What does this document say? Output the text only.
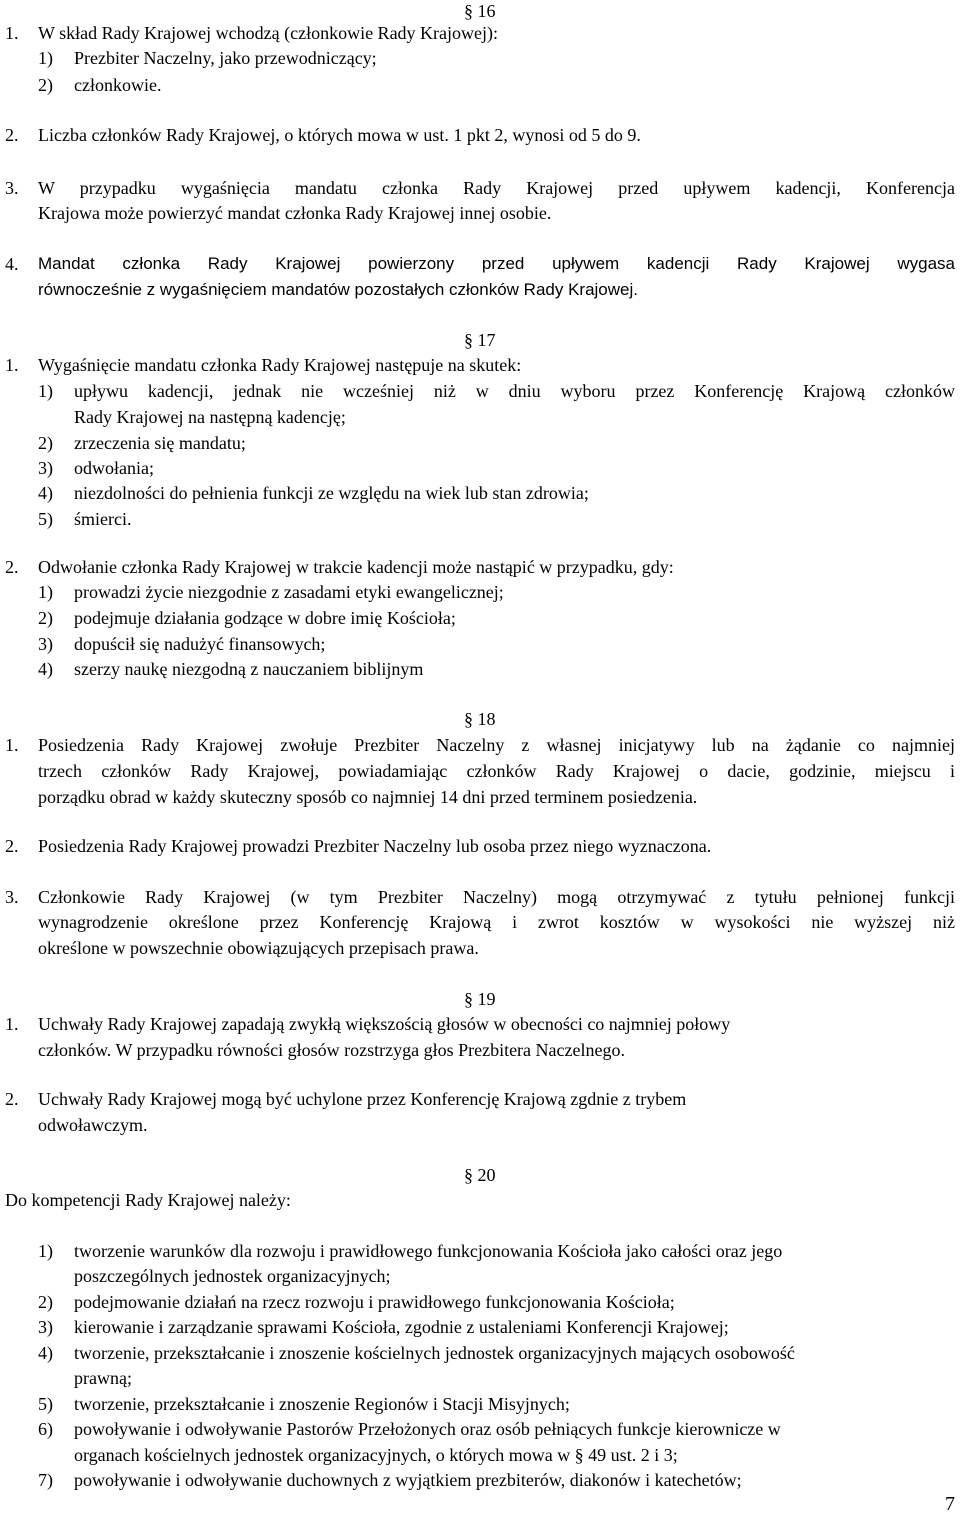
§ 16
1. W skład Rady Krajowej wchodzą (członkowie Rady Krajowej):
1) Prezbiter Naczelny, jako przewodniczący;
2) członkowie.
2. Liczba członków Rady Krajowej, o których mowa w ust. 1 pkt 2, wynosi od 5 do 9.
3. W przypadku wygaśnięcia mandatu członka Rady Krajowej przed upływem kadencji, Konferencja
Krajowa może powierzyć mandat członka Rady Krajowej innej osobie.
4. Mandat członka Rady Krajowej powierzony przed upływem kadencji Rady Krajowej wygasa
równocześnie z wygaśnięciem mandatów pozostałych członków Rady Krajowej.
§ 17
1. Wygaśnięcie mandatu członka Rady Krajowej następuje na skutek:
1) upływu kadencji, jednak nie wcześniej niż w dniu wyboru przez Konferencję Krajową członków
Rady Krajowej na następną kadencję;
2) zrzeczenia się mandatu;
3) odwołania;
4) niezdolności do pełnienia funkcji ze względu na wiek lub stan zdrowia;
5) śmierci.
2. Odwołanie członka Rady Krajowej w trakcie kadencji może nastąpić w przypadku, gdy:
1) prowadzi życie niezgodnie z zasadami etyki ewangelicznej;
2) podejmuje działania godzące w dobre imię Kościoła;
3) dopuścił się nadużyć finansowych;
4) szerzy naukę niezgodną z nauczaniem biblijnym
§ 18
1. Posiedzenia Rady Krajowej zwołuje Prezbiter Naczelny z własnej inicjatywy lub na żądanie co najmniej
trzech członków Rady Krajowej, powiadamiając członków Rady Krajowej o dacie, godzinie, miejscu i
porządku obrad w każdy skuteczny sposób co najmniej 14 dni przed terminem posiedzenia.
2. Posiedzenia Rady Krajowej prowadzi Prezbiter Naczelny lub osoba przez niego wyznaczona.
3. Członkowie Rady Krajowej (w tym Prezbiter Naczelny) mogą otrzymywać z tytułu pełnionej funkcji
wynagrodzenie określone przez Konferencję Krajową i zwrot kosztów w wysokości nie wyższej niż
określone w powszechnie obowiązujących przepisach prawa.
§ 19
1. Uchwały Rady Krajowej zapadają zwykłą większością głosów w obecności co najmniej połowy
członków. W przypadku równości głosów rozstrzyga głos Prezbitera Naczelnego.
2. Uchwały Rady Krajowej mogą być uchylone przez Konferencję Krajową zgdnie z trybem
odwoławczym.
§ 20
Do kompetencji Rady Krajowej należy:
1) tworzenie warunków dla rozwoju i prawidłowego funkcjonowania Kościoła jako całości oraz jego
poszczególnych jednostek organizacyjnych;
2) podejmowanie działań na rzecz rozwoju i prawidłowego funkcjonowania Kościoła;
3) kierowanie i zarządzanie sprawami Kościoła, zgodnie z ustaleniami Konferencji Krajowej;
4) tworzenie, przekształcanie i znoszenie kościelnych jednostek organizacyjnych mających osobowość
prawną;
5) tworzenie, przekształcanie i znoszenie Regionów i Stacji Misyjnych;
6) powoływanie i odwoływanie Pastorów Przełożonych oraz osób pełniących funkcje kierownicze w
organach kościelnych jednostek organizacyjnych, o których mowa w § 49 ust. 2 i 3;
7) powoływanie i odwoływanie duchownych z wyjątkiem prezbiterów, diakonów i katechetów;
7
